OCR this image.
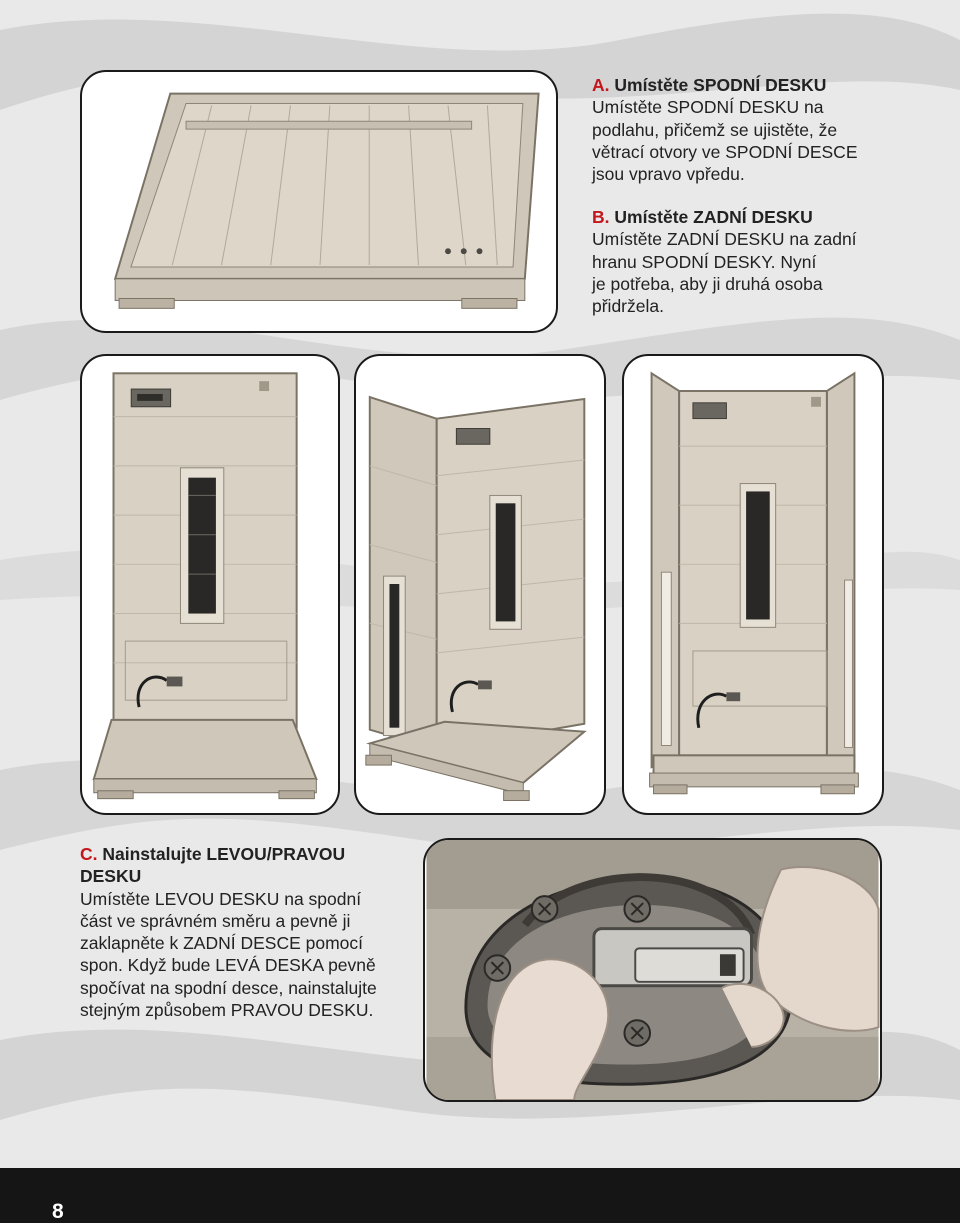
A. Umístěte SPODNÍ DESKU
Umístěte SPODNÍ DESKU na
podlahu, přičemž se ujistěte, že
větrací otvory ve SPODNÍ DESCE
jsou vpravo vpředu.
B. Umístěte ZADNÍ DESKU
Umístěte ZADNÍ DESKU na zadní
hranu SPODNÍ DESKY. Nyní
je potřeba, aby ji druhá osoba
přidržela.
C. Nainstalujte LEVOU/PRAVOU
DESKU
Umístěte LEVOU DESKU na spodní
část ve správném směru a pevně ji
zaklapněte k ZADNÍ DESCE pomocí
spon. Když bude LEVÁ DESKA pevně
spočívat na spodní desce, nainstalujte
stejným způsobem PRAVOU DESKU.
8
